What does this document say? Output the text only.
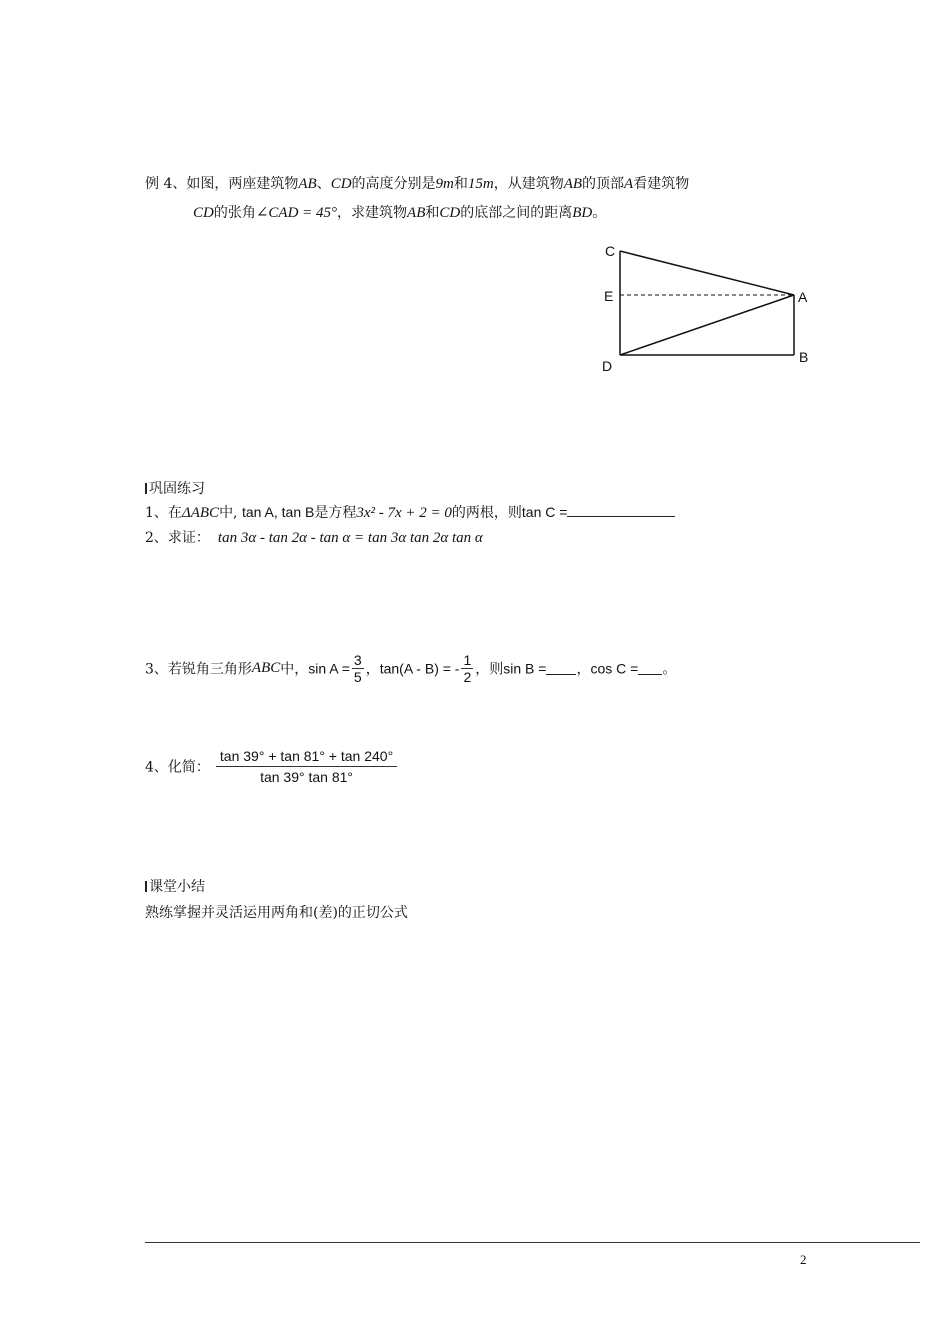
例 4、如图，两座建筑物AB、CD的高度分别是9m和15m，从建筑物AB的顶部A看建筑物
CD的张角∠CAD = 45°，求建筑物AB和CD的底部之间的距离BD。
C
E	A
D
B
巩固练习
1、在ΔABC中, tan A, tan B是方程3x² - 7x + 2 = 0的两根，则tan C =
2、求证： tan 3α - tan 2α - tan α = tan 3α tan 2α tan α
3、若锐角三角形ABC中，$\sin A = \frac{3}{5}$ ，tan(A - B) = - $\frac{1}{2}$ ，则sin B = ，cos C = 。
4、化简： $\frac{\tan 39^\circ + \tan 81^\circ + \tan 240^\circ}{\tan 39^\circ \tan 81^\circ}$
课堂小结
熟练掌握并灵活运用两角和(差)的正切公式
2
